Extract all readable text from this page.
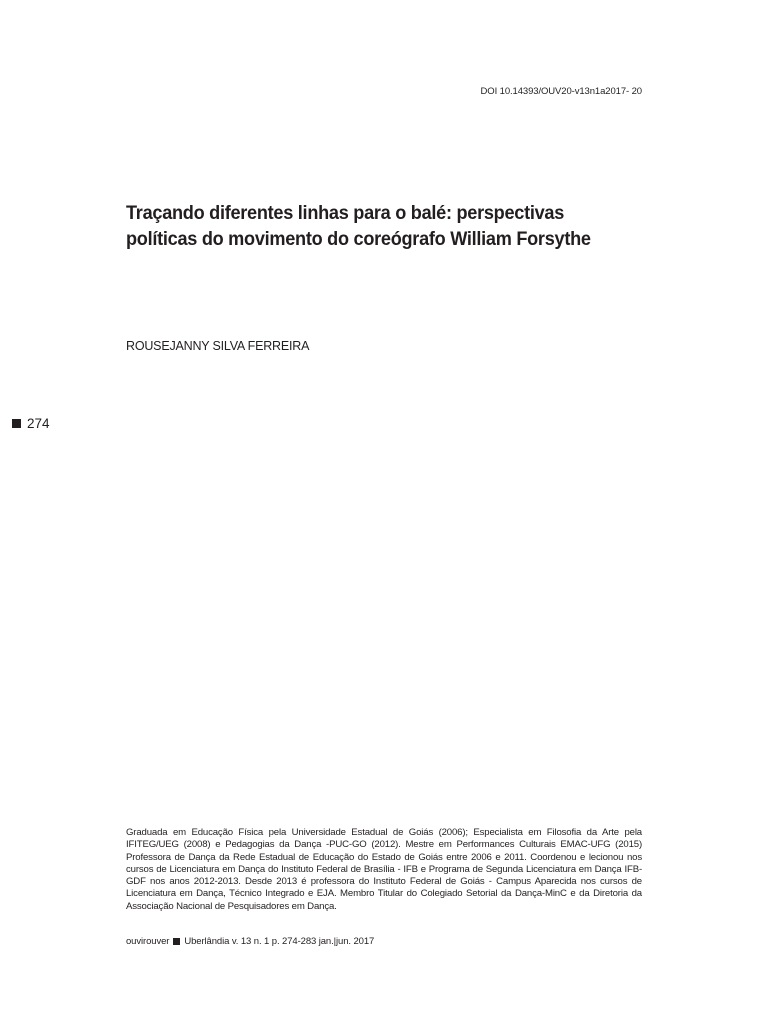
DOI 10.14393/OUV20-v13n1a2017- 20
Traçando diferentes linhas para o balé: perspectivas políticas do movimento do coreógrafo William Forsythe
ROUSEJANNY SILVA FERREIRA
274

Graduada em Educação Física pela Universidade Estadual de Goiás (2006); Especialista em Filosofia da Arte pela IFITEG/UEG (2008) e Pedagogias da Dança -PUC-GO (2012). Mestre em Performances Culturais EMAC-UFG (2015) Professora de Dança da Rede Estadual de Educação do Estado de Goiás entre 2006 e 2011. Coordenou e lecionou nos cursos de Licenciatura em Dança do Instituto Federal de Brasília - IFB e Programa de Segunda Licenciatura em Dança IFB-GDF nos anos 2012-2013. Desde 2013 é professora do Instituto Federal de Goiás - Campus Aparecida nos cursos de Licenciatura em Dança, Técnico Integrado e EJA. Membro Titular do Colegiado Setorial da Dança-MinC e da Diretoria da Associação Nacional de Pesquisadores em Dança.

ouvirouver Uberlândia v. 13 n. 1 p. 274-283 jan.|jun. 2017
